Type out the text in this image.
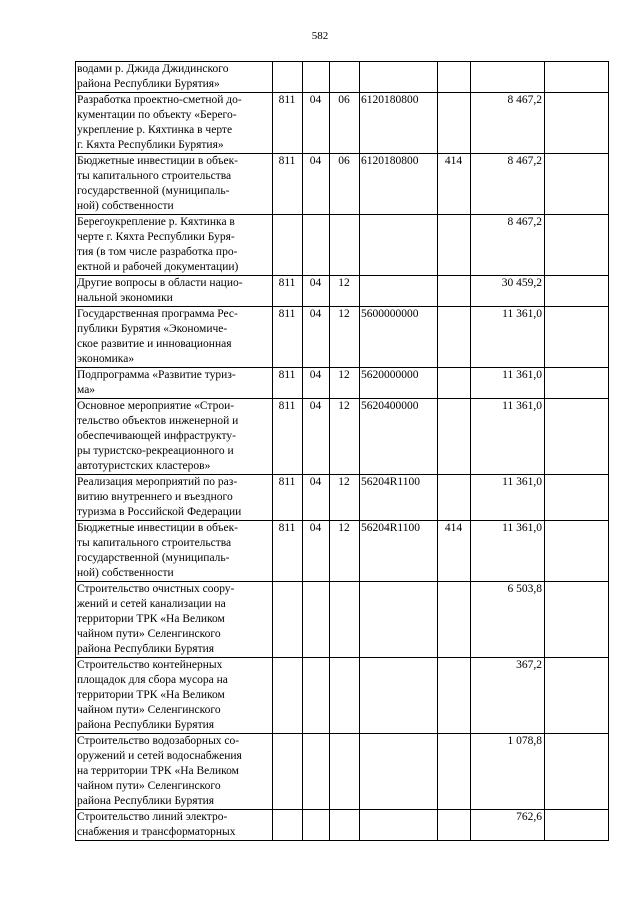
582
водами р. Джида Джидинского
района Республики Бурятия»							
Разработка проектно-сметной до-
кументации по объекту «Берего-
укрепление р. Кяхтинка в черте
г. Кяхта Республики Бурятия»	811	04	06	6120180800		8 467,2	
Бюджетные инвестиции в объек-
ты капитального строительства
государственной (муниципаль-
ной) собственности	811	04	06	6120180800	414	8 467,2	
Берегоукрепление р. Кяхтинка в
черте г. Кяхта Республики Буря-
тия (в том числе разработка про-
ектной и рабочей документации)						8 467,2	
Другие вопросы в области нацио-
нальной экономики	811	04	12			30 459,2	
Государственная программа Рес-
публики Бурятия «Экономиче-
ское развитие и инновационная
экономика»	811	04	12	5600000000		11 361,0	
Подпрограмма «Развитие туриз-
ма»	811	04	12	5620000000		11 361,0	
Основное мероприятие «Строи-
тельство объектов инженерной и
обеспечивающей инфраструкту-
ры туристско-рекреационного и
автотуристских кластеров»	811	04	12	5620400000		11 361,0	
Реализация мероприятий по раз-
витию внутреннего и въездного
туризма в Российской Федерации	811	04	12	56204R1100		11 361,0	
Бюджетные инвестиции в объек-
ты капитального строительства
государственной (муниципаль-
ной) собственности	811	04	12	56204R1100	414	11 361,0	
Строительство очистных соору-
жений и сетей канализации на
территории ТРК «На Великом
чайном пути» Селенгинского
района Республики Бурятия						6 503,8	
Строительство контейнерных
площадок для сбора мусора на
территории ТРК «На Великом
чайном пути» Селенгинского
района Республики Бурятия						367,2	
Строительство водозаборных со-
оружений и сетей водоснабжения
на территории ТРК «На Великом
чайном пути» Селенгинского
района Республики Бурятия						1 078,8	
Строительство линий электро-
снабжения и трансформаторных						762,6	
